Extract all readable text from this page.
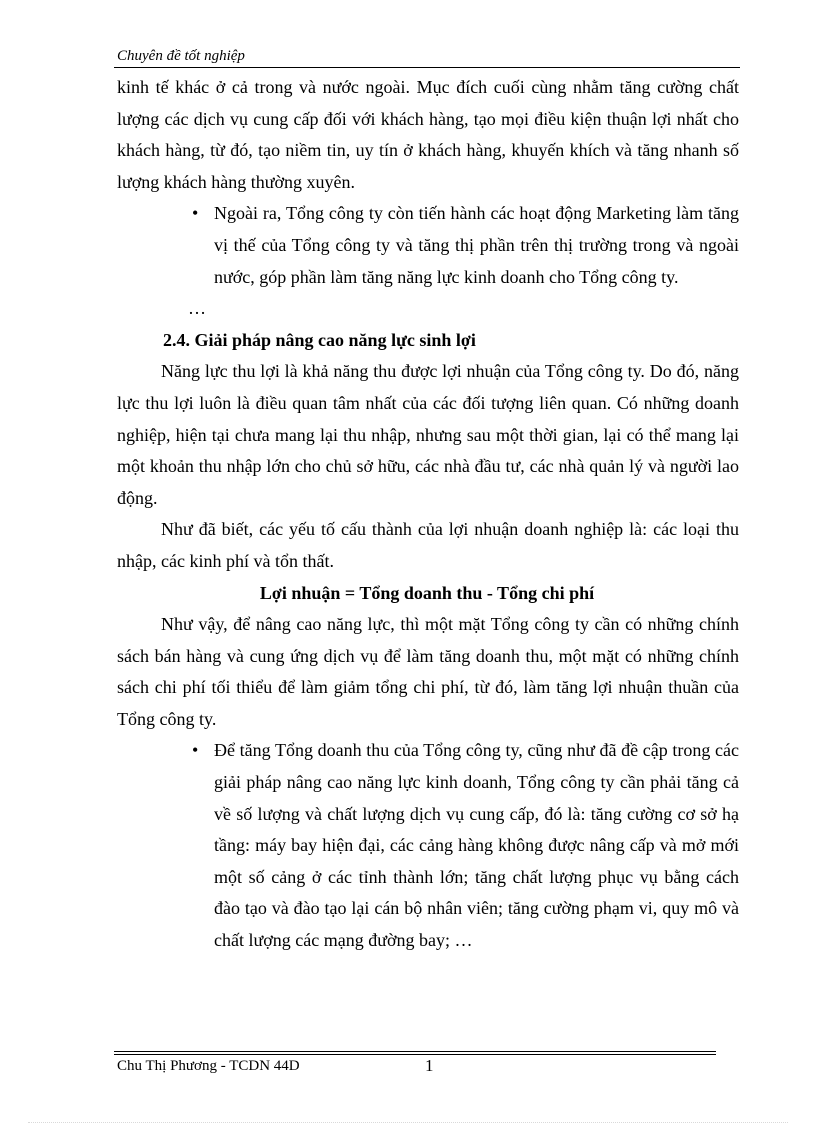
Chuyên đề tốt nghiệp

kinh tế khác ở cả trong và nước ngoài. Mục đích cuối cùng nhằm tăng cường chất lượng các dịch vụ cung cấp đối với khách hàng, tạo mọi điều kiện thuận lợi nhất cho khách hàng, từ đó, tạo niềm tin, uy tín ở khách hàng, khuyến khích và tăng nhanh số lượng khách hàng thường xuyên.

• Ngoài ra, Tổng công ty còn tiến hành các hoạt động Marketing làm tăng vị thế của Tổng công ty và tăng thị phần trên thị trường trong và ngoài nước, góp phần làm tăng năng lực kinh doanh cho Tổng công ty.
…
2.4. Giải pháp nâng cao năng lực sinh lợi

Năng lực thu lợi là khả năng thu được lợi nhuận của Tổng công ty. Do đó, năng lực thu lợi luôn là điều quan tâm nhất của các đối tượng liên quan. Có những doanh nghiệp, hiện tại chưa mang lại thu nhập, nhưng sau một thời gian, lại có thể mang lại một khoản thu nhập lớn cho chủ sở hữu, các nhà đầu tư, các nhà quản lý và người lao động.

Như đã biết, các yếu tố cấu thành của lợi nhuận doanh nghiệp là: các loại thu nhập, các kinh phí và tổn thất.

Lợi nhuận = Tổng doanh thu - Tổng chi phí

Như vậy, để nâng cao năng lực, thì một mặt Tổng công ty cần có những chính sách bán hàng và cung ứng dịch vụ để làm tăng doanh thu, một mặt có những chính sách chi phí tối thiểu để làm giảm tổng chi phí, từ đó, làm tăng lợi nhuận thuần của Tổng công ty.

• Để tăng Tổng doanh thu của Tổng công ty, cũng như đã đề cập trong các giải pháp nâng cao năng lực kinh doanh, Tổng công ty cần phải tăng cả về số lượng và chất lượng dịch vụ cung cấp, đó là: tăng cường cơ sở hạ tầng: máy bay hiện đại, các cảng hàng không được nâng cấp và mở mới một số cảng ở các tỉnh thành lớn; tăng chất lượng phục vụ bằng cách đào tạo và đào tạo lại cán bộ nhân viên; tăng cường phạm vi, quy mô và chất lượng các mạng đường bay; …
Chu Thị Phương - TCDN 44D	1
